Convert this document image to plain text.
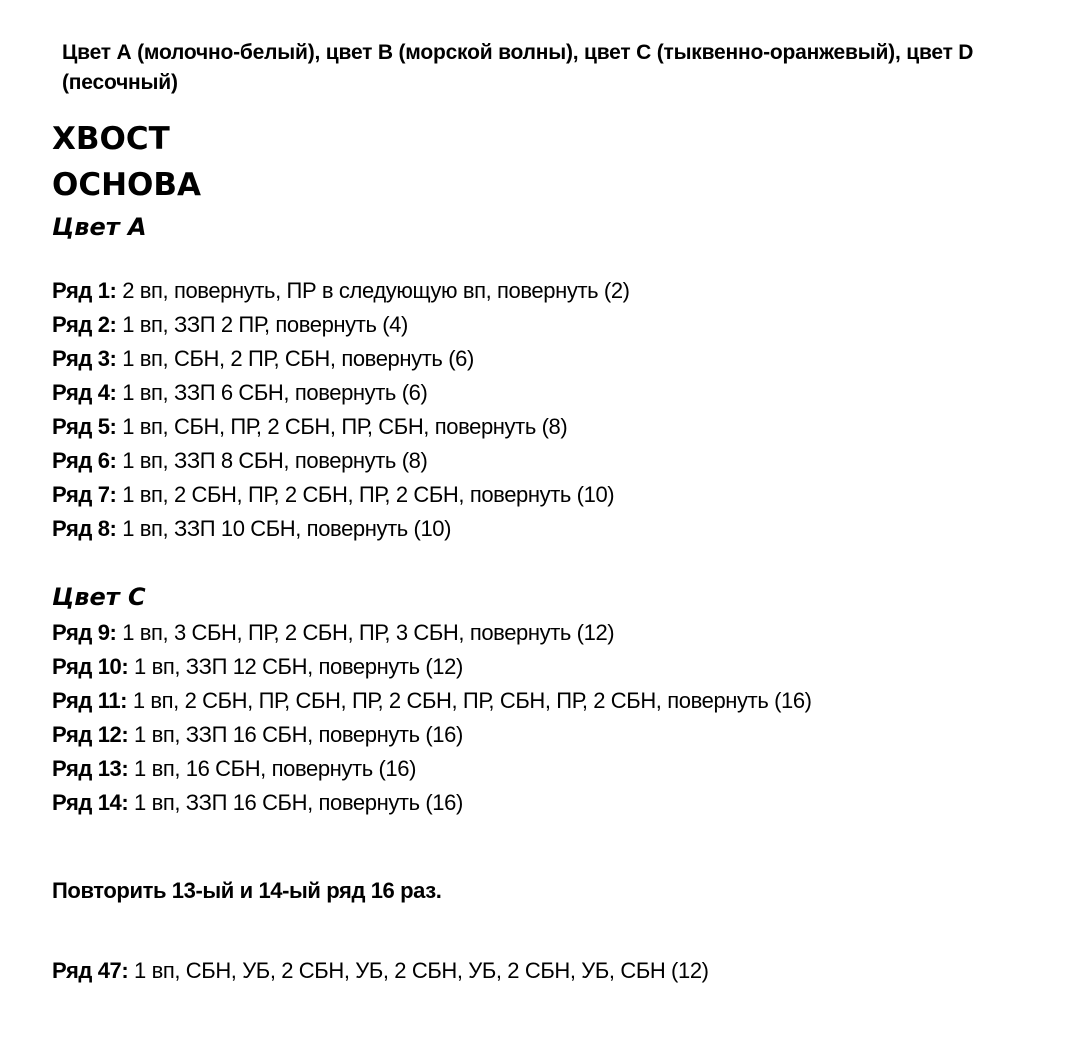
Цвет А (молочно-белый), цвет В (морской волны), цвет С (тыквенно-оранжевый), цвет D (песочный)

ХВОСТ
ОСНОВА
Цвет А

Ряд 1: 2 вп, повернуть, ПР в следующую вп, повернуть (2)

Ряд 2: 1 вп, ЗЗП 2 ПР, повернуть (4)

Ряд 3: 1 вп, СБН, 2 ПР, СБН, повернуть (6)

Ряд 4: 1 вп, ЗЗП 6 СБН, повернуть (6)

Ряд 5: 1 вп, СБН, ПР, 2 СБН, ПР, СБН, повернуть (8)

Ряд 6: 1 вп, ЗЗП 8 СБН, повернуть (8)

Ряд 7: 1 вп, 2 СБН, ПР, 2 СБН, ПР, 2 СБН, повернуть (10)

Ряд 8: 1 вп, ЗЗП 10 СБН, повернуть (10)

Цвет С

Ряд 9: 1 вп, 3 СБН, ПР, 2 СБН, ПР, 3 СБН, повернуть (12)

Ряд 10: 1 вп, ЗЗП 12 СБН, повернуть (12)

Ряд 11: 1 вп, 2 СБН, ПР, СБН, ПР, 2 СБН, ПР, СБН, ПР, 2 СБН, повернуть (16)

Ряд 12: 1 вп, ЗЗП 16 СБН, повернуть (16)

Ряд 13: 1 вп, 16 СБН, повернуть (16)

Ряд 14: 1 вп, ЗЗП 16 СБН, повернуть (16)

Повторить 13-ый и 14-ый ряд 16 раз.

Ряд 47: 1 вп, СБН, УБ, 2 СБН, УБ, 2 СБН, УБ, 2 СБН, УБ, СБН (12)
